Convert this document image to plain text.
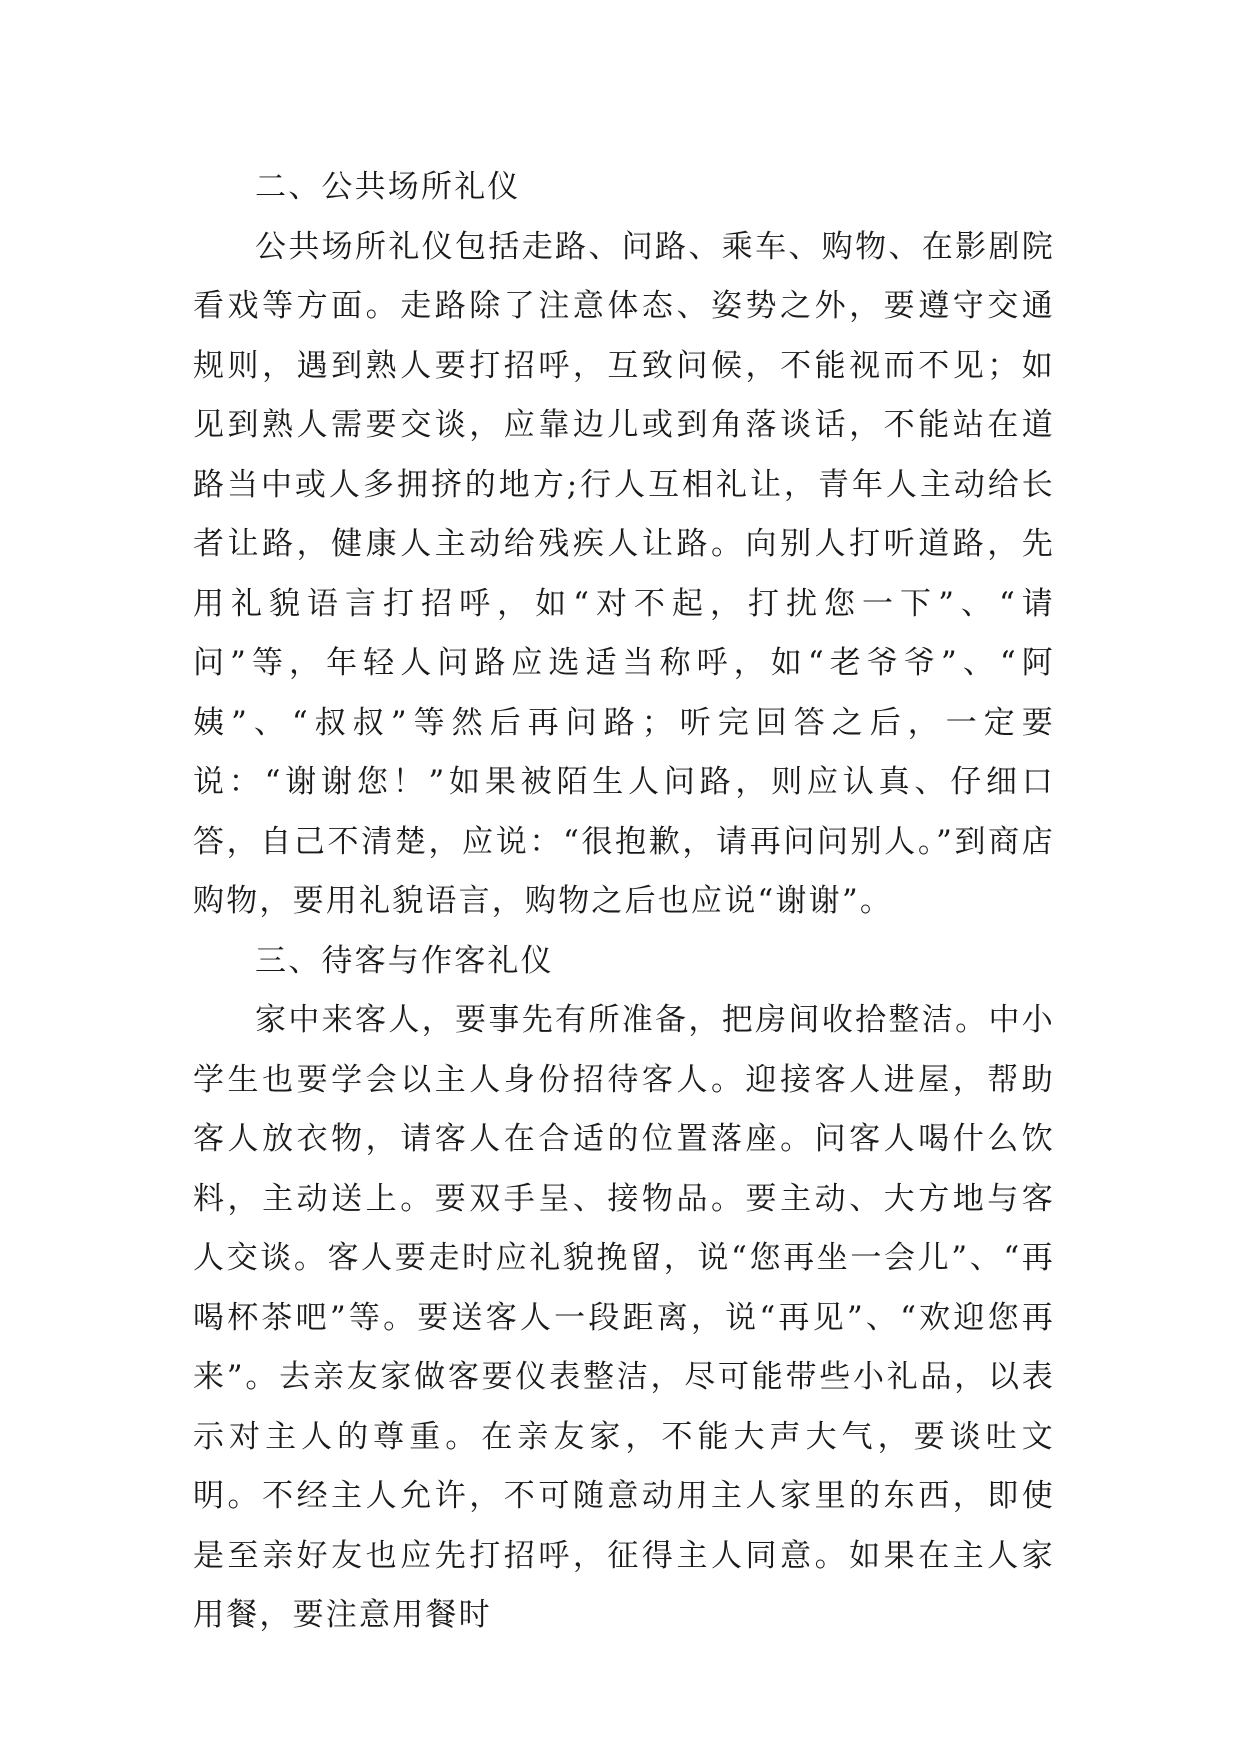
二、公共场所礼仪

公共场所礼仪包括走路、问路、乘车、购物、在影剧院看戏等方面。走路除了注意体态、姿势之外，要遵守交通规则，遇到熟人要打招呼，互致问候，不能视而不见；如见到熟人需要交谈，应靠边儿或到角落谈话，不能站在道路当中或人多拥挤的地方;行人互相礼让，青年人主动给长者让路，健康人主动给残疾人让路。向别人打听道路，先用礼貌语言打招呼，如“对不起，打扰您一下”、“请问”等，年轻人问路应选适当称呼，如“老爷爷”、“阿姨”、“叔叔”等然后再问路；听完回答之后，一定要说：“谢谢您！”如果被陌生人问路，则应认真、仔细口答，自己不清楚，应说：“很抱歉，请再问问别人。”到商店购物，要用礼貌语言，购物之后也应说“谢谢”。

三、待客与作客礼仪

家中来客人，要事先有所准备，把房间收拾整洁。中小学生也要学会以主人身份招待客人。迎接客人进屋，帮助客人放衣物，请客人在合适的位置落座。问客人喝什么饮料，主动送上。要双手呈、接物品。要主动、大方地与客人交谈。客人要走时应礼貌挽留，说“您再坐一会儿”、“再喝杯茶吧”等。要送客人一段距离，说“再见”、“欢迎您再来”。去亲友家做客要仪表整洁，尽可能带些小礼品，以表示对主人的尊重。在亲友家，不能大声大气，要谈吐文明。不经主人允许，不可随意动用主人家里的东西，即使是至亲好友也应先打招呼，征得主人同意。如果在主人家用餐，要注意用餐时
